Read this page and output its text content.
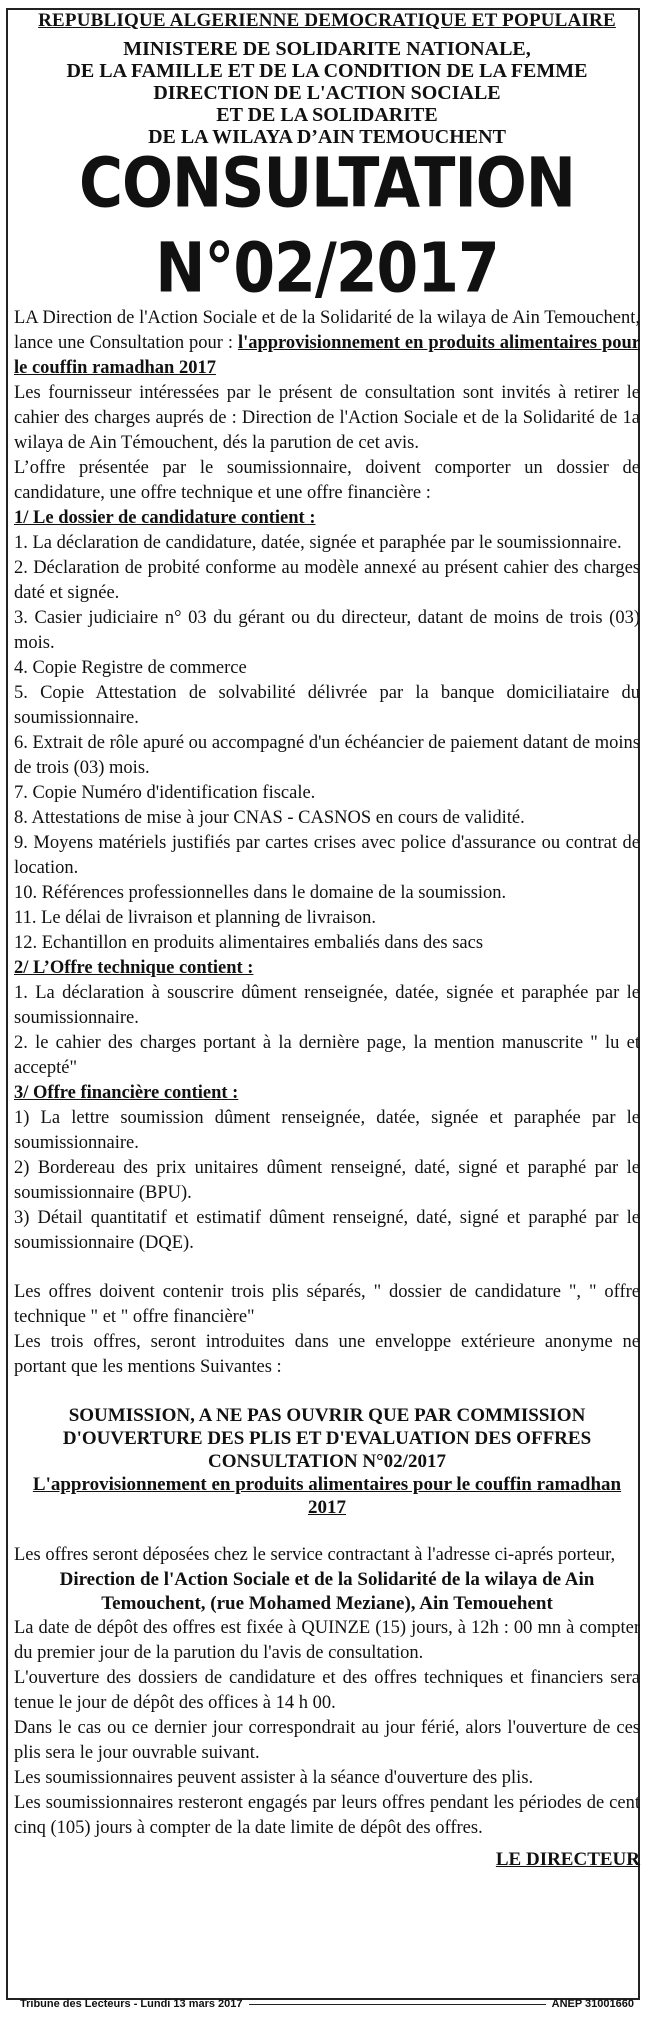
REPUBLIQUE ALGERIENNE DEMOCRATIQUE ET POPULAIRE
MINISTERE DE SOLIDARITE NATIONALE,
DE LA FAMILLE ET DE LA CONDITION DE LA FEMME
DIRECTION DE L'ACTION SOCIALE
ET DE LA SOLIDARITE
DE LA WILAYA D’AIN TEMOUCHENT
CONSULTATION N°02/2017

LA Direction de l'Action Sociale et de la Solidarité de la wilaya de Ain Temouchent, lance une Consultation pour : l'approvisionnement en produits alimentaires pour le couffin ramadhan 2017

Les fournisseur intéressées par le présent de consultation sont invités à retirer le cahier des charges auprés de : Direction de l'Action Sociale et de la Solidarité de 1a wilaya de Ain Témouchent, dés la parution de cet avis.

L’offre présentée par le soumissionnaire, doivent comporter un dossier de candidature, une offre technique et une offre financière :

1/ Le dossier de candidature contient :

1. La déclaration de candidature, datée, signée et paraphée par le soumissionnaire.

2. Déclaration de probité conforme au modèle annexé au présent cahier des charges daté et signée.

3. Casier judiciaire n° 03 du gérant ou du directeur, datant de moins de trois (03) mois.

4. Copie Registre de commerce

5. Copie Attestation de solvabilité délivrée par la banque domiciliataire du soumissionnaire.

6. Extrait de rôle apuré ou accompagné d'un échéancier de paiement datant de moins de trois (03) mois.

7. Copie Numéro d'identification fiscale.

8. Attestations de mise à jour CNAS - CASNOS en cours de validité.

9. Moyens matériels justifiés par cartes crises avec police d'assurance ou contrat de location.

10. Références professionnelles dans le domaine de la soumission.

11. Le délai de livraison et planning de livraison.

12. Echantillon en produits alimentaires embaliés dans des sacs

2/ L’Offre technique contient :

1. La déclaration à souscrire dûment renseignée, datée, signée et paraphée par le soumissionnaire.

2. le cahier des charges portant à la dernière page, la mention manuscrite " lu et accepté"

3/ Offre financière contient :

1) La lettre soumission dûment renseignée, datée, signée et paraphée par le soumissionnaire.

2) Bordereau des prix unitaires dûment renseigné, daté, signé et paraphé par le soumissionnaire (BPU).

3) Détail quantitatif et estimatif dûment renseigné, daté, signé et paraphé par le soumissionnaire (DQE).

Les offres doivent contenir trois plis séparés, " dossier de candidature ", " offre technique " et " offre financière"

Les trois offres, seront introduites dans une enveloppe extérieure anonyme ne portant que les mentions Suivantes :

SOUMISSION, A NE PAS OUVRIR QUE PAR COMMISSION
D'OUVERTURE DES PLIS ET D'EVALUATION DES OFFRES
CONSULTATION N°02/2017
L'approvisionnement en produits alimentaires pour le couffin ramadhan 2017

Les offres seront déposées chez le service contractant à l'adresse ci-aprés porteur,

Direction de l'Action Sociale et de la Solidarité de la wilaya de Ain Temouchent, (rue Mohamed Meziane), Ain Temouehent

La date de dépôt des offres est fixée à QUINZE (15) jours, à 12h : 00 mn à compter du premier jour de la parution du l'avis de consultation.

L'ouverture des dossiers de candidature et des offres techniques et financiers sera tenue le jour de dépôt des offices à 14 h 00.

Dans le cas ou ce dernier jour correspondrait au jour férié, alors l'ouverture de ces plis sera le jour ouvrable suivant.

Les soumissionnaires peuvent assister à la séance d'ouverture des plis.

Les soumissionnaires resteront engagés par leurs offres pendant les périodes de cent cinq (105) jours à compter de la date limite de dépôt des offres.

LE DIRECTEUR
Tribune des Lecteurs - Lundi 13 mars 2017	ANEP 31001660
